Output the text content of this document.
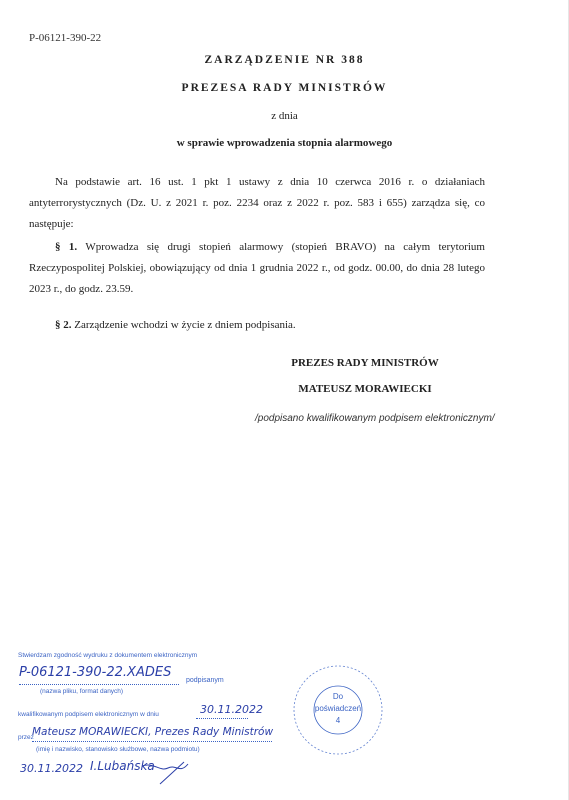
P-06121-390-22
ZARZĄDZENIE NR 388
PREZESA RADY MINISTRÓW
z dnia
w sprawie wprowadzenia stopnia alarmowego
Na podstawie art. 16 ust. 1 pkt 1 ustawy z dnia 10 czerwca 2016 r. o działaniach antyterrorystycznych (Dz. U. z 2021 r. poz. 2234 oraz z 2022 r. poz. 583 i 655) zarządza się, co następuje:
§ 1. Wprowadza się drugi stopień alarmowy (stopień BRAVO) na całym terytorium Rzeczypospolitej Polskiej, obowiązujący od dnia 1 grudnia 2022 r., od godz. 00.00, do dnia 28 lutego 2023 r., do godz. 23.59.
§ 2. Zarządzenie wchodzi w życie z dniem podpisania.
PREZES RADY MINISTRÓW
MATEUSZ MORAWIECKI
/podpisano kwalifikowanym podpisem elektronicznym/
Stwierdzam zgodność wydruku z dokumentem elektronicznym
P-06121-390-22.XADES
podpisanym
(nazwa pliku, format danych)
kwalifikowanym podpisem elektronicznym w dniu	30.11.2022
przez
Mateusz MORAWIECKI, Prezes Rady Ministrów
(imię i nazwisko, stanowisko służbowe, nazwa podmiotu)
30.11.2022 I.Lubańska
Do
poświadczeń
4
